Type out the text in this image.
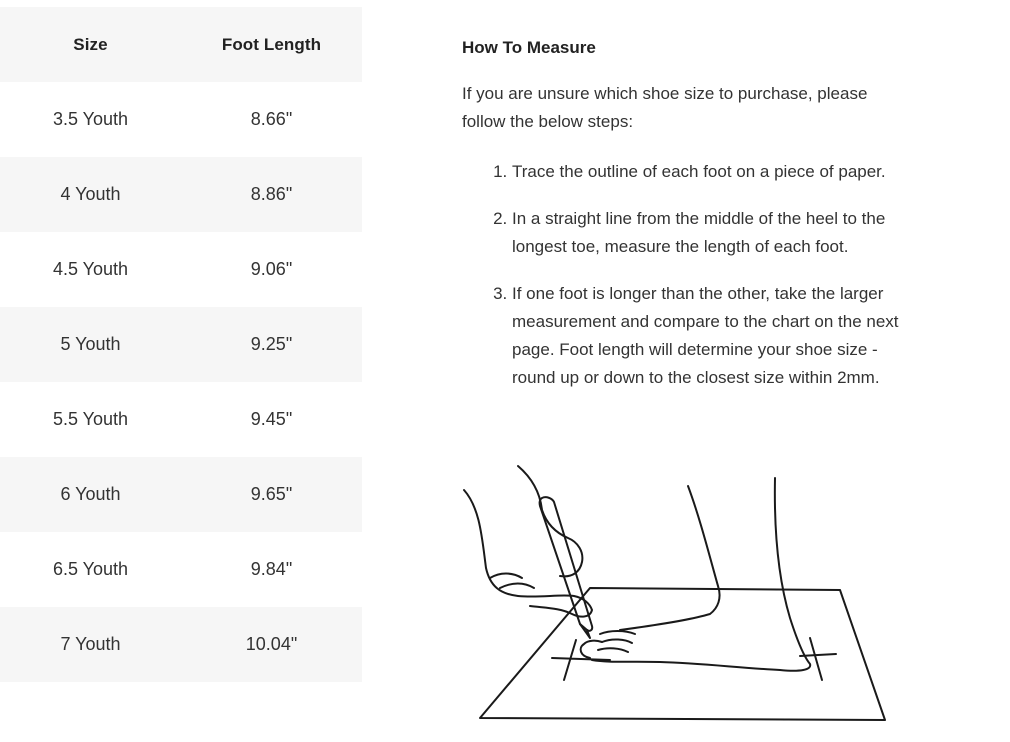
Size	Foot Length
3.5 Youth	8.66"
4 Youth	8.86"
4.5 Youth	9.06"
5 Youth	9.25"
5.5 Youth	9.45"
6 Youth	9.65"
6.5 Youth	9.84"
7 Youth	10.04"
How To Measure

If you are unsure which shoe size to purchase, please follow the below steps:

1. Trace the outline of each foot on a piece of paper.
2. In a straight line from the middle of the heel to the longest toe, measure the length of each foot.
3. If one foot is longer than the other, take the larger measurement and compare to the chart on the next page. Foot length will determine your shoe size - round up or down to the closest size within 2mm.
